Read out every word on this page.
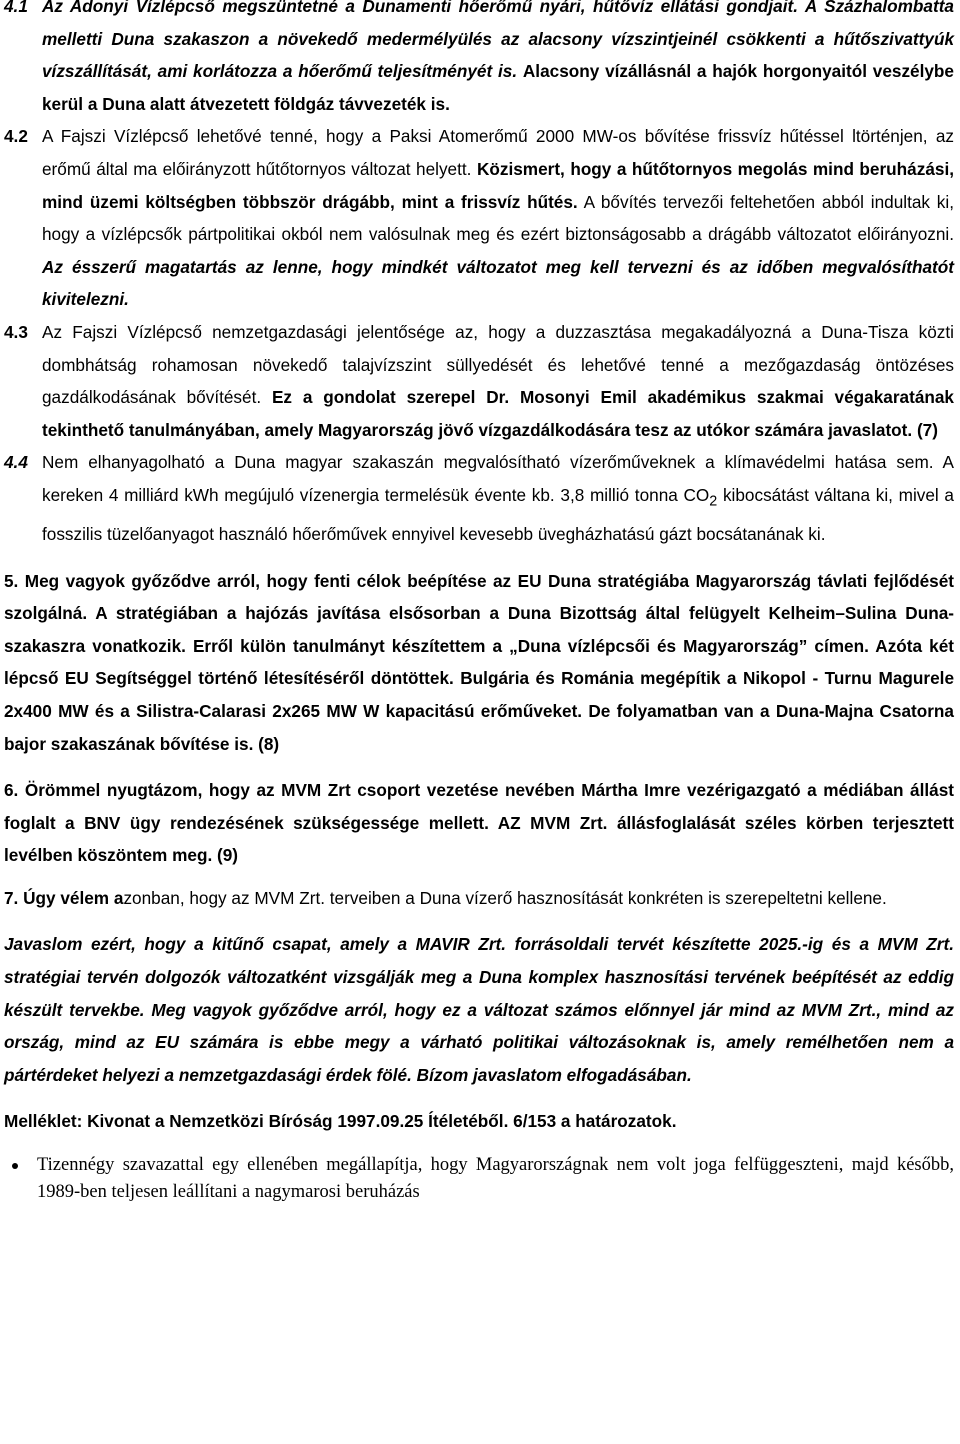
4.1 Az Adonyi Vízlépcső megszüntetné a Dunamenti hőerőmű nyári, hűtővíz ellátási gondjait. A Százhalombatta melletti Duna szakaszon a növekedő medermélyülés az alacsony vízszintjeinél csökkenti a hűtőszivattyúk vízszállítását, ami korlátozza a hőerőmű teljesítményét is. Alacsony vízállásnál a hajók horgonyaitól veszélybe kerül a Duna alatt átvezetett földgáz távvezeték is.

4.2 A Fajszi Vízlépcső lehetővé tenné, hogy a Paksi Atomerőmű 2000 MW-os bővítése frissvíz hűtéssel ltörténjen, az erőmű által ma előirányzott hűtőtornyos változat helyett. Közismert, hogy a hűtőtornyos megolás mind beruházási, mind üzemi költségben többször drágább, mint a frissvíz hűtés. A bővítés tervezői feltehetően abból indultak ki, hogy a vízlépcsők pártpolitikai okból nem valósulnak meg és ezért biztonságosabb a drágább változatot előirányozni. Az ésszerű magatartás az lenne, hogy mindkét változatot meg kell tervezni és az időben megvalósíthatót kivitelezni.

4.3 Az Fajszi Vízlépcső nemzetgazdasági jelentősége az, hogy a duzzasztása megakadályozná a Duna-Tisza közti dombhátság rohamosan növekedő talajvízszint süllyedését és lehetővé tenné a mezőgazdaság öntözéses gazdálkodásának bővítését. Ez a gondolat szerepel Dr. Mosonyi Emil akadémikus szakmai végakaratának tekinthető tanulmányában, amely Magyarország jövő vízgazdálkodására tesz az utókor számára javaslatot. (7)

4.4 Nem elhanyagolható a Duna magyar szakaszán megvalósítható vízerőműveknek a klímavédelmi hatása sem. A kereken 4 milliárd kWh megújuló vízenergia termelésük évente kb. 3,8 millió tonna $CO_2$ kibocsátást váltana ki, mivel a fosszilis tüzelőanyagot használó hőerőművek ennyivel kevesebb üvegházhatású gázt bocsátanának ki.

5. Meg vagyok győződve arról, hogy fenti célok beépítése az EU Duna stratégiába Magyarország távlati fejlődését szolgálná. A stratégiában a hajózás javítása elsősorban a Duna Bizottság által felügyelt Kelheim–Sulina Duna-szakaszra vonatkozik. Erről külön tanulmányt készítettem a „Duna vízlépcsői és Magyarország” címen. Azóta két lépcső EU Segítséggel történő létesítéséről döntöttek. Bulgária és Románia megépítik a Nikopol - Turnu Magurele 2x400 MW és a Silistra-Calarasi 2x265 MW W kapacitású erőműveket. De folyamatban van a Duna-Majna Csatorna bajor szakaszának bővítése is. (8)

6. Örömmel nyugtázom, hogy az MVM Zrt csoport vezetése nevében Mártha Imre vezérigazgató a médiában állást foglalt a BNV ügy rendezésének szükségessége mellett. AZ MVM Zrt. állásfoglalását széles körben terjesztett levélben köszöntem meg. (9)

7. Úgy vélem azonban, hogy az MVM Zrt. terveiben a Duna vízerő hasznosítását konkréten is szerepeltetni kellene.

Javaslom ezért, hogy a kitűnő csapat, amely a MAVIR Zrt. forrásoldali tervét készítette 2025.-ig és a MVM Zrt. stratégiai tervén dolgozók változatként vizsgálják meg a Duna komplex hasznosítási tervének beépítését az eddig készült tervekbe. Meg vagyok győződve arról, hogy ez a változat számos előnnyel jár mind az MVM Zrt., mind az ország, mind az EU számára is ebbe megy a várható politikai változásoknak is, amely remélhetően nem a pártérdeket helyezi a nemzetgazdasági érdek fölé. Bízom javaslatom elfogadásában.

Melléklet: Kivonat a Nemzetközi Bíróság 1997.09.25 Ítéletéből. 6/153 a határozatok.

Tizennégy szavazattal egy ellenében megállapítja, hogy Magyarországnak nem volt joga felfüggeszteni, majd később, 1989-ben teljesen leállítani a nagymarosi beruházás
